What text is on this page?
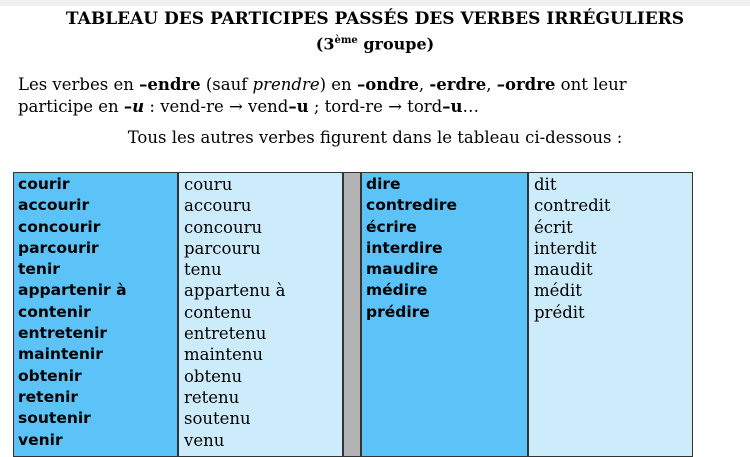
TABLEAU DES PARTICIPES PASSÉS DES VERBES IRRÉGULIERS
(3ème groupe)
Les verbes en –endre (sauf prendre) en –ondre, -erdre, –ordre ont leur
participe en –u : vend-re → vend–u ; tord-re → tord–u…
Tous les autres verbes figurent dans le tableau ci-dessous :
courir
accourir
concourir
parcourir
tenir
appartenir à
contenir
entretenir
maintenir
obtenir
retenir
soutenir
venir
couru
accouru
concouru
parcouru
tenu
appartenu à
contenu
entretenu
maintenu
obtenu
retenu
soutenu
venu
dire
contredire
écrire
interdire
maudire
médire
prédire
dit
contredit
écrit
interdit
maudit
médit
prédit
